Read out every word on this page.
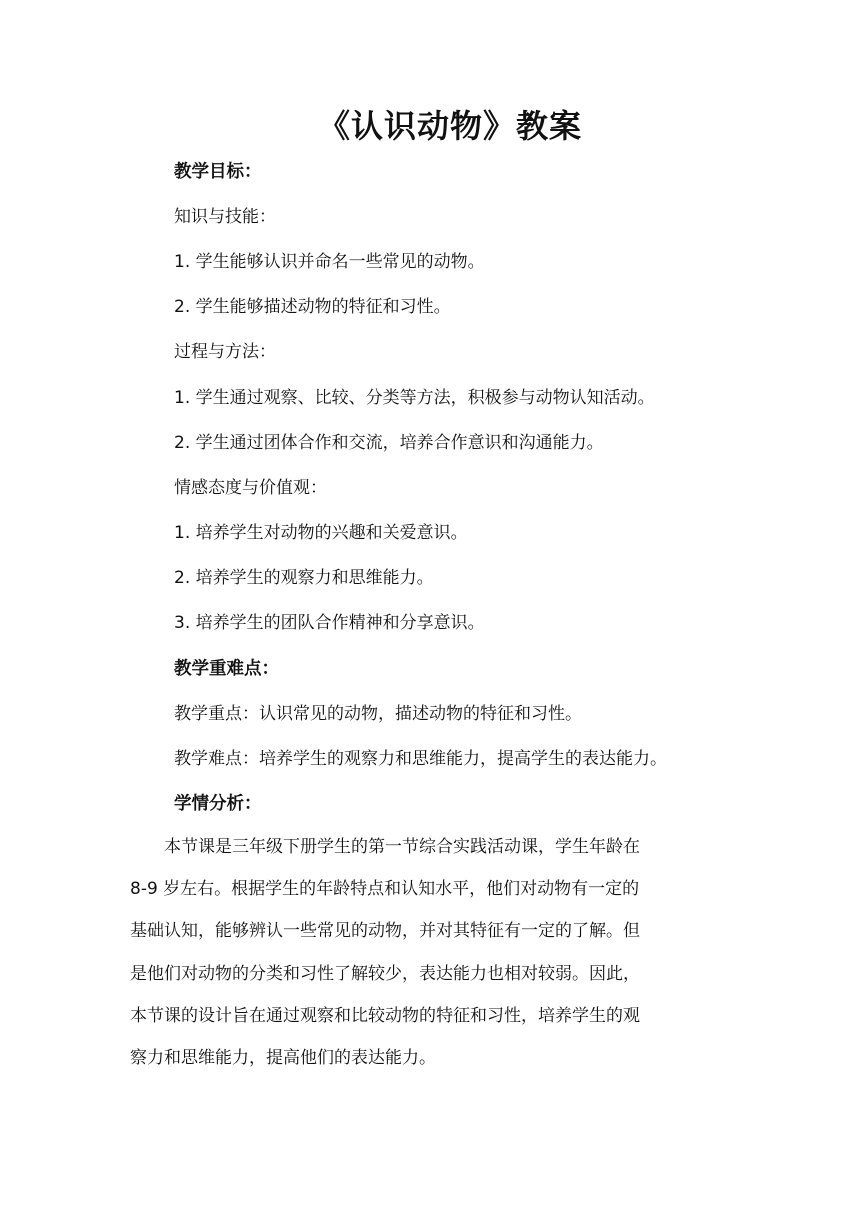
《认识动物》教案

教学目标：

知识与技能：

1. 学生能够认识并命名一些常见的动物。

2. 学生能够描述动物的特征和习性。

过程与方法：

1. 学生通过观察、比较、分类等方法，积极参与动物认知活动。

2. 学生通过团体合作和交流，培养合作意识和沟通能力。

情感态度与价值观：

1. 培养学生对动物的兴趣和关爱意识。

2. 培养学生的观察力和思维能力。

3. 培养学生的团队合作精神和分享意识。

教学重难点：

教学重点：认识常见的动物，描述动物的特征和习性。

教学难点：培养学生的观察力和思维能力，提高学生的表达能力。

学情分析：

　　本节课是三年级下册学生的第一节综合实践活动课，学生年龄在

8-9 岁左右。根据学生的年龄特点和认知水平，他们对动物有一定的

基础认知，能够辨认一些常见的动物，并对其特征有一定的了解。但

是他们对动物的分类和习性了解较少，表达能力也相对较弱。因此，

本节课的设计旨在通过观察和比较动物的特征和习性，培养学生的观

察力和思维能力，提高他们的表达能力。
